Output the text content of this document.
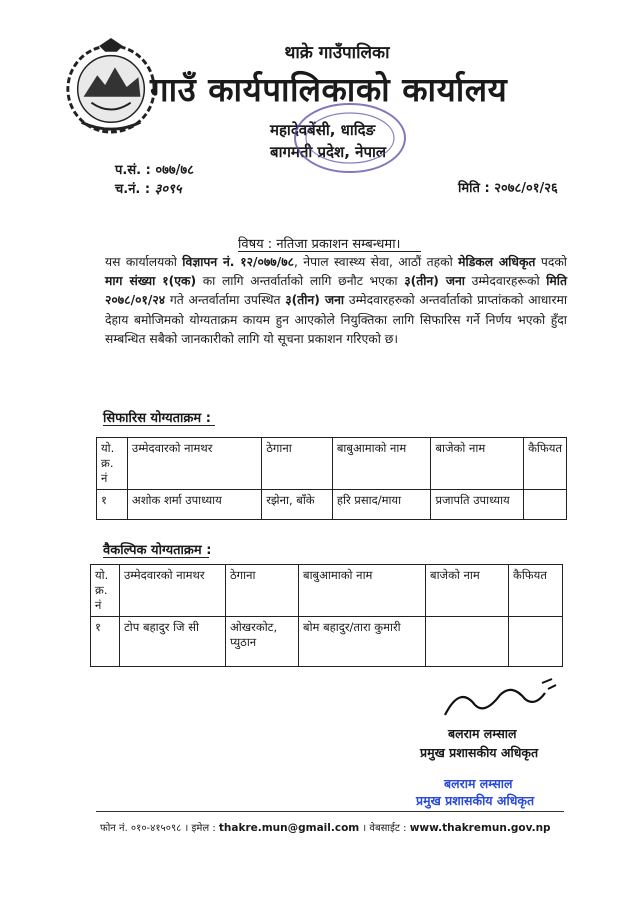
थाक्रे गाउँपालिका
गाउँ कार्यपालिकाको कार्यालय
महादेवबेंसी, धादिङ
बागमती प्रदेश, नेपाल
प.सं. : ०७७/७८
च.नं. : ३०९५	मिति : २०७८/०१/२६
विषय : नतिजा प्रकाशन सम्बन्धमा।
यस कार्यालयको विज्ञापन नं. १२/०७७/७८, नेपाल स्वास्थ्य सेवा, आठौं तहको मेडिकल अधिकृत पदको माग संख्या १(एक) का लागि अन्तर्वार्ताको लागि छनौट भएका ३(तीन) जना उम्मेदवारहरूको मिति २०७८/०१/२४ गते अन्तर्वार्तामा उपस्थित ३(तीन) जना उम्मेदवारहरुको अन्तर्वार्ताको प्राप्तांकको आधारमा देहाय बमोजिमको योग्यताक्रम कायम हुन आएकोले नियुक्तिका लागि सिफारिस गर्ने निर्णय भएको हुँदा सम्बन्धित सबैको जानकारीको लागि यो सूचना प्रकाशन गरिएको छ।
सिफारिस योग्यताक्रम :
यो. क्र. नं	उम्मेदवारको नामथर	ठेगाना	बाबुआमाको नाम	बाजेको नाम	कैफियत
१	अशोक शर्मा उपाध्याय	रझेना, बाँके	हरि प्रसाद/माया	प्रजापति उपाध्याय	
वैकल्पिक योग्यताक्रम :
यो. क्र. नं	उम्मेदवारको नामथर	ठेगाना	बाबुआमाको नाम	बाजेको नाम	कैफियत
१	टोप बहादुर जि सी	ओखरकोट, प्युठान	बोम बहादुर/तारा कुमारी		
बलराम लम्साल
प्रमुख प्रशासकीय अधिकृत
बलराम लम्साल
प्रमुख प्रशासकीय अधिकृत
फोन नं. ०१०-४१५०९८ । इमेल : thakre.mun@gmail.com । वेबसाईट : www.thakremun.gov.np
